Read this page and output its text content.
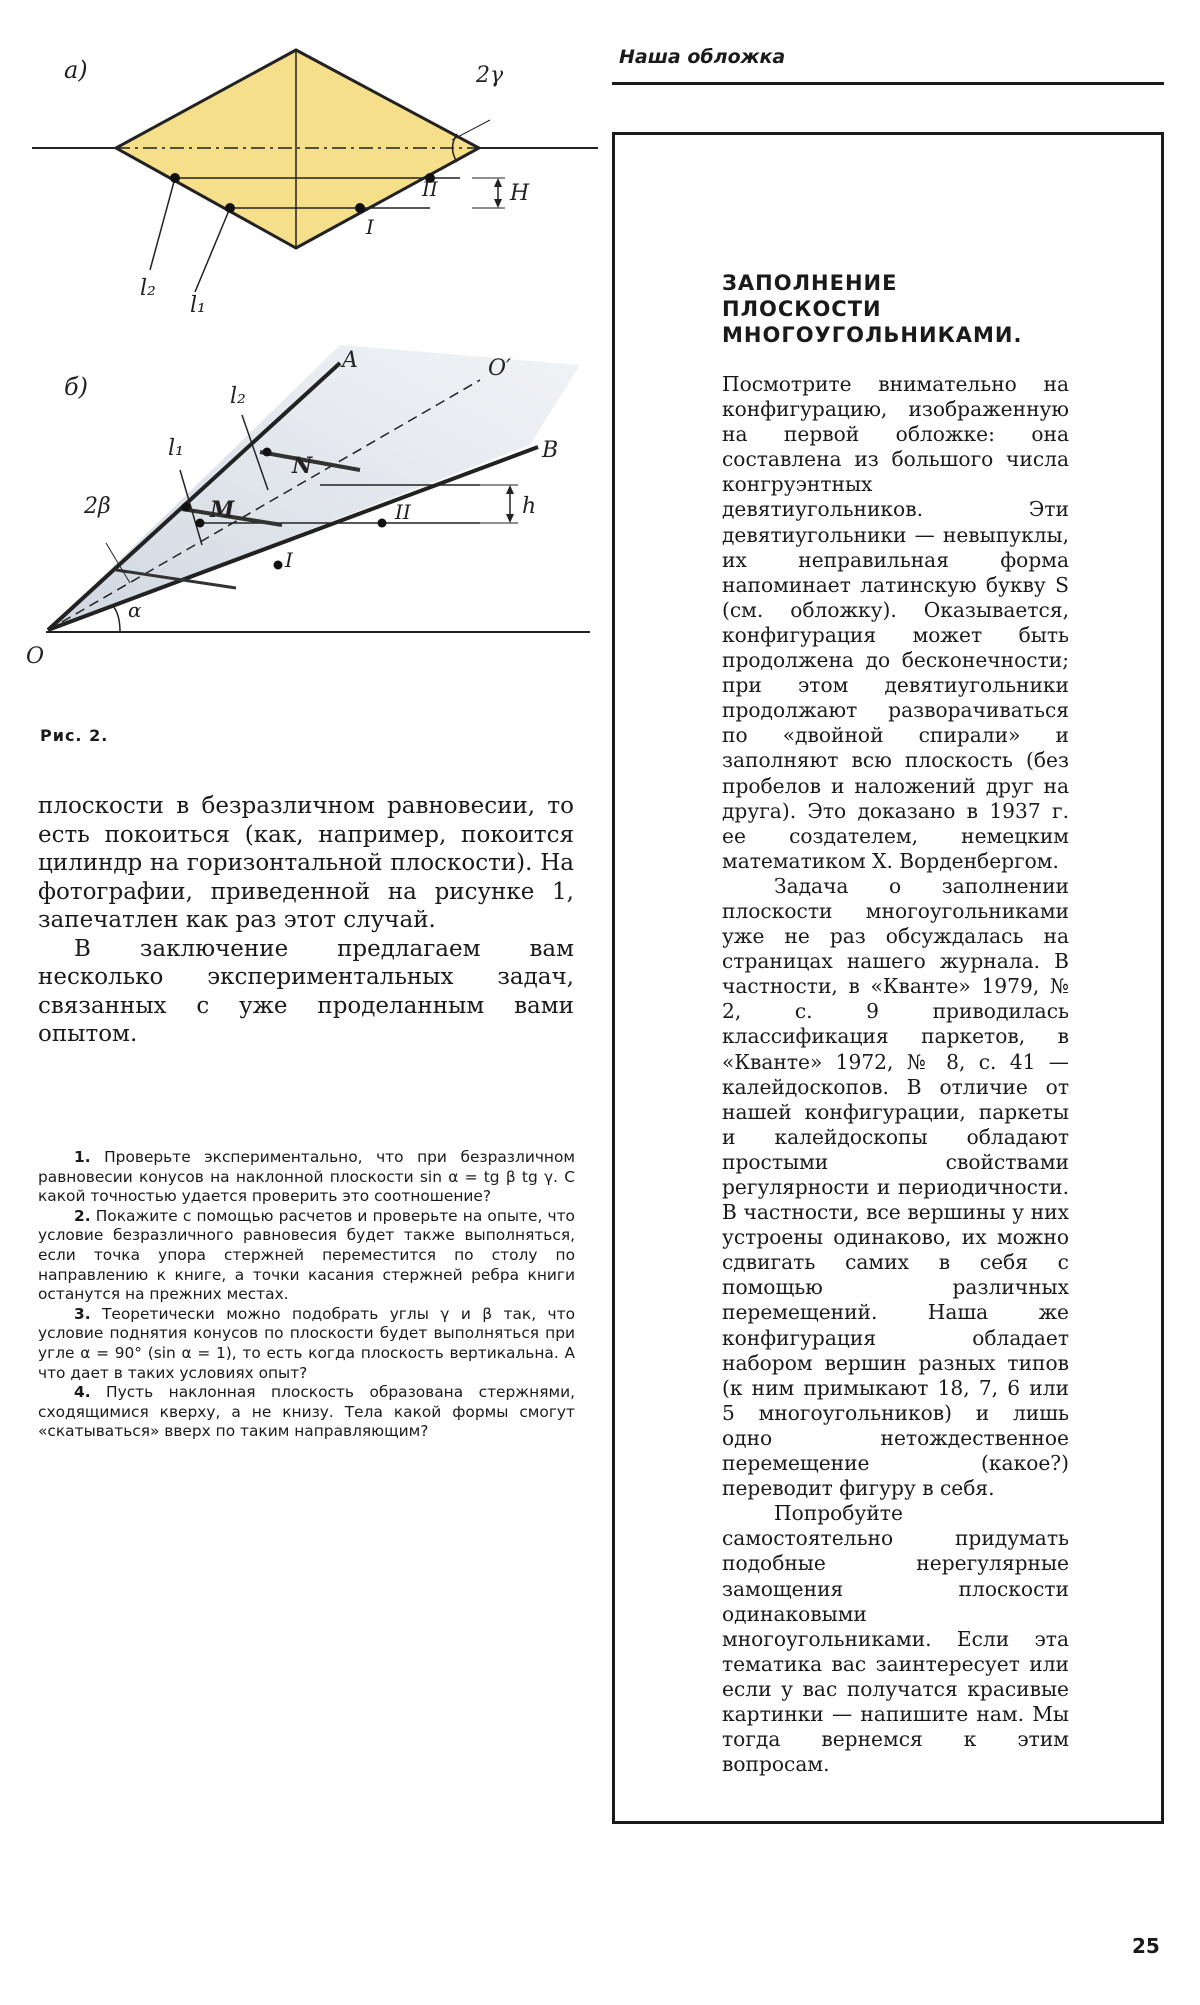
а)	2γ
H
II
I
l₂
l₁
б)
A	O′
B
O
l₂
l₁
N
M
2β
α
h
II
I
Рис. 2.

плоскости в безразличном равновесии, то есть покоиться (как, например, покоится цилиндр на горизонтальной плоскости). На фотографии, приведенной на рисунке 1, запечатлен как раз этот случай.

В заключение предлагаем вам несколько экспериментальных задач, связанных с уже проделанным вами опытом.

1. Проверьте экспериментально, что при безразличном равновесии конусов на наклонной плоскости sin α = tg β tg γ. С какой точностью удается проверить это соотношение?

2. Покажите с помощью расчетов и проверьте на опыте, что условие безразличного равновесия будет также выполняться, если точка упора стержней переместится по столу по направлению к книге, а точки касания стержней ребра книги останутся на прежних местах.

3. Теоретически можно подобрать углы γ и β так, что условие поднятия конусов по плоскости будет выполняться при угле α = 90° (sin α = 1), то есть когда плоскость вертикальна. А что дает в таких условиях опыт?

4. Пусть наклонная плоскость образована стержнями, сходящимися кверху, а не книзу. Тела какой формы смогут «скатываться» вверх по таким направляющим?

Наша обложка
ЗАПОЛНЕНИЕ
ПЛОСКОСТИ
МНОГОУГОЛЬНИКАМИ.

Посмотрите внимательно на конфигурацию, изображенную на первой обложке: она составлена из большого числа конгруэнтных девятиугольников. Эти девятиугольники — невыпуклы, их неправильная форма напоминает латинскую букву S (см. обложку). Оказывается, конфигурация может быть продолжена до бесконечности; при этом девятиугольники продолжают разворачиваться по «двойной спирали» и заполняют всю плоскость (без пробелов и наложений друг на друга). Это доказано в 1937 г. ее создателем, немецким математиком Х. Ворденбергом.

Задача о заполнении плоскости многоугольниками уже не раз обсуждалась на страницах нашего журнала. В частности, в «Кванте» 1979, № 2, с. 9 приводилась классификация паркетов, в «Кванте» 1972, № 8, с. 41 — калейдоскопов. В отличие от нашей конфигурации, паркеты и калейдоскопы обладают простыми свойствами регулярности и периодичности. В частности, все вершины у них устроены одинаково, их можно сдвигать самих в себя с помощью различных перемещений. Наша же конфигурация обладает набором вершин разных типов (к ним примыкают 18, 7, 6 или 5 многоугольников) и лишь одно нетождественное перемещение (какое?) переводит фигуру в себя.

Попробуйте самостоятельно придумать подобные нерегулярные замощения плоскости одинаковыми многоугольниками. Если эта тематика вас заинтересует или если у вас получатся красивые картинки — напишите нам. Мы тогда вернемся к этим вопросам.

25
